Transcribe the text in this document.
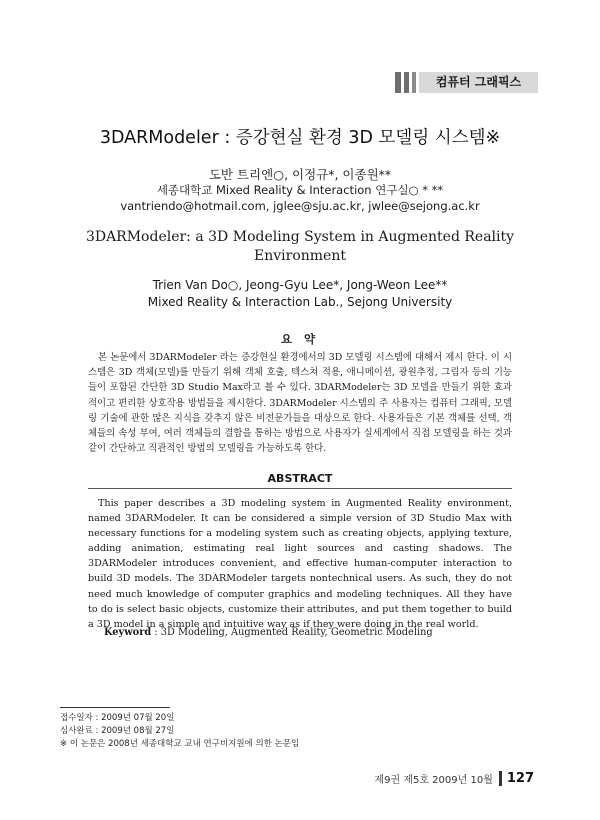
컴퓨터 그래픽스
3DARModeler : 증강현실 환경 3D 모델링 시스템※
도반 트리엔○, 이정규*, 이종원**
세종대학교 Mixed Reality & Interaction 연구실○ * **
vantriendo@hotmail.com, jglee@sju.ac.kr, jwlee@sejong.ac.kr
3DARModeler: a 3D Modeling System in Augmented Reality Environment
Trien Van Do○, Jeong-Gyu Lee*, Jong-Weon Lee**
Mixed Reality & Interaction Lab., Sejong University
요 약

본 논문에서 3DARModeler 라는 증강현실 환경에서의 3D 모델링 시스템에 대해서 제시 한다. 이 시스템은 3D 객체(모델)를 만들기 위해 객체 호출, 텍스쳐 적용, 애니메이션, 광원추정, 그림자 등의 기능들이 포함된 간단한 3D Studio Max라고 볼 수 있다. 3DARModeler는 3D 모델을 만들기 위한 효과적이고 편리한 상호작용 방법들을 제시한다. 3DARModeler 시스템의 주 사용자는 컴퓨터 그래픽, 모델링 기술에 관한 많은 지식을 갖추지 않은 비전문가들을 대상으로 한다. 사용자들은 기본 객체를 선택, 객체들의 속성 부여, 여러 객체들의 결합을 통하는 방법으로 사용자가 실세계에서 직접 모델링을 하는 것과 같이 간단하고 직관적인 방법의 모델링을 가능하도록 한다.

ABSTRACT

This paper describes a 3D modeling system in Augmented Reality environment, named 3DARModeler. It can be considered a simple version of 3D Studio Max with necessary functions for a modeling system such as creating objects, applying texture, adding animation, estimating real light sources and casting shadows. The 3DARModeler introduces convenient, and effective human-computer interaction to build 3D models. The 3DARModeler targets nontechnical users. As such, they do not need much knowledge of computer graphics and modeling techniques. All they have to do is select basic objects, customize their attributes, and put them together to build a 3D model in a simple and intuitive way as if they were doing in the real world.

Keyword : 3D Modeling, Augmented Reality, Geometric Modeling
접수일자 : 2009년 07월 20일
심사완료 : 2009년 08월 27일
※ 이 논문은 2008년 세종대학교 교내 연구비지원에 의한 논문임
제9권 제5호 2009년 10월 127
